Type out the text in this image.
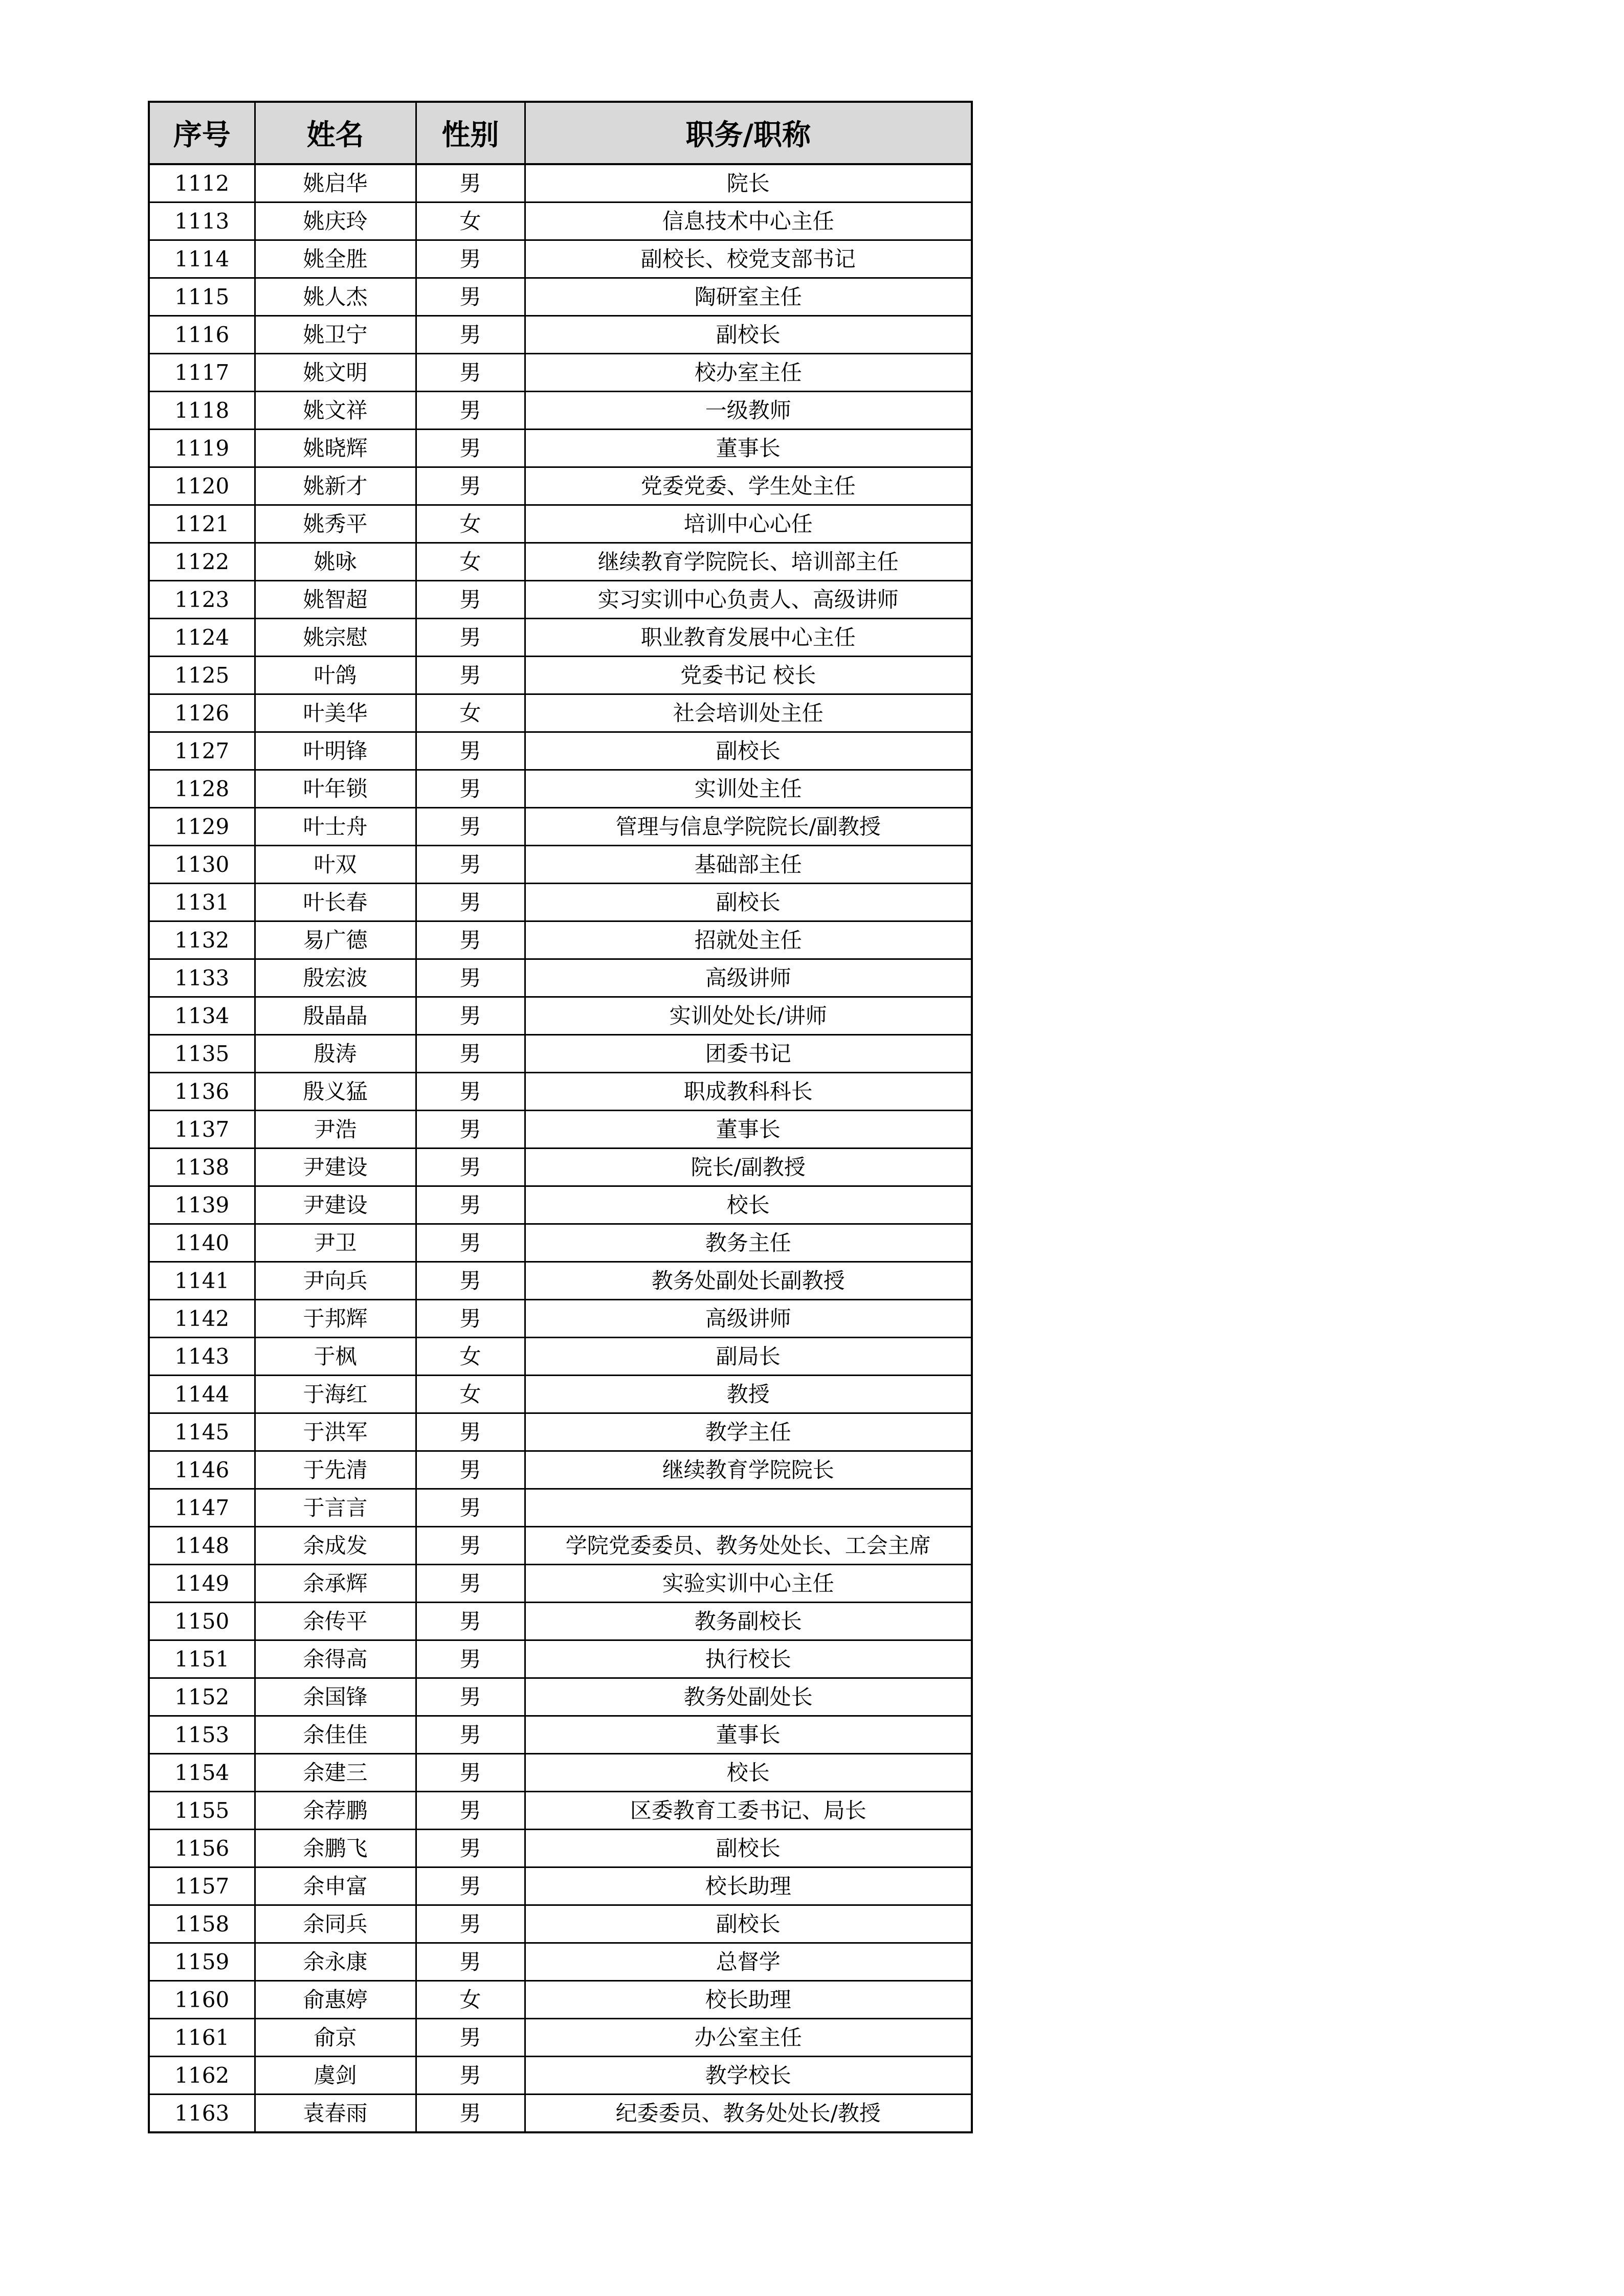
序号	姓名	性别	职务/职称
1112	姚启华	男	院长
1113	姚庆玲	女	信息技术中心主任
1114	姚全胜	男	副校长、校党支部书记
1115	姚人杰	男	陶研室主任
1116	姚卫宁	男	副校长
1117	姚文明	男	校办室主任
1118	姚文祥	男	一级教师
1119	姚晓辉	男	董事长
1120	姚新才	男	党委党委、学生处主任
1121	姚秀平	女	培训中心心任
1122	姚咏	女	继续教育学院院长、培训部主任
1123	姚智超	男	实习实训中心负责人、高级讲师
1124	姚宗慰	男	职业教育发展中心主任
1125	叶鸽	男	党委书记 校长
1126	叶美华	女	社会培训处主任
1127	叶明锋	男	副校长
1128	叶年锁	男	实训处主任
1129	叶士舟	男	管理与信息学院院长/副教授
1130	叶双	男	基础部主任
1131	叶长春	男	副校长
1132	易广德	男	招就处主任
1133	殷宏波	男	高级讲师
1134	殷晶晶	男	实训处处长/讲师
1135	殷涛	男	团委书记
1136	殷义猛	男	职成教科科长
1137	尹浩	男	董事长
1138	尹建设	男	院长/副教授
1139	尹建设	男	校长
1140	尹卫	男	教务主任
1141	尹向兵	男	教务处副处长副教授
1142	于邦辉	男	高级讲师
1143	于枫	女	副局长
1144	于海红	女	教授
1145	于洪军	男	教学主任
1146	于先清	男	继续教育学院院长
1147	于言言	男	
1148	余成发	男	学院党委委员、教务处处长、工会主席
1149	余承辉	男	实验实训中心主任
1150	余传平	男	教务副校长
1151	余得高	男	执行校长
1152	余国锋	男	教务处副处长
1153	余佳佳	男	董事长
1154	余建三	男	校长
1155	余荐鹏	男	区委教育工委书记、局长
1156	余鹏飞	男	副校长
1157	余申富	男	校长助理
1158	余同兵	男	副校长
1159	余永康	男	总督学
1160	俞惠婷	女	校长助理
1161	俞京	男	办公室主任
1162	虞剑	男	教学校长
1163	袁春雨	男	纪委委员、教务处处长/教授
